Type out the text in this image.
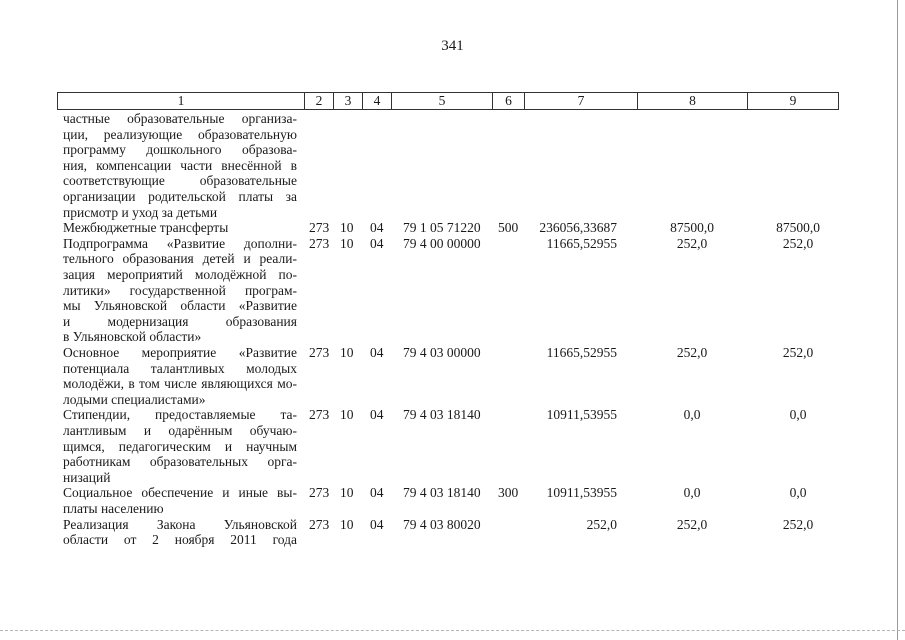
341
1	2	3	4	5	6	7	8	9
частные образовательные организа-
ции, реализующие образовательную
программу дошкольного образова-
ния, компенсации части внесённой в
соответствующие образовательные
организации родительской платы за
присмотр и уход за детьми
Межбюджетные трансферты	273 10 04 79 1 05 71220 500 236056,33687	87500,0	87500,0
Подпрограмма «Развитие дополни-
тельного образования детей и реали-
зация мероприятий молодёжной по-
литики» государственной програм-
мы Ульяновской области «Развитие
и модернизация образования
в Ульяновской области»
273 10 04 79 4 00 00000	11665,52955	252,0	252,0
Основное мероприятие «Развитие
потенциала талантливых молодых
молодёжи, в том числе являющихся мо-
лодыми специалистами»
273 10 04 79 4 03 00000	11665,52955	252,0	252,0
Стипендии, предоставляемые та-
лантливым и одарённым обучаю-
щимся, педагогическим и научным
работникам образовательных орга-
низаций
273 10 04 79 4 03 18140	10911,53955	0,0	0,0
Социальное обеспечение и иные вы-
платы населению
273 10 04 79 4 03 18140 300	10911,53955	0,0	0,0
Реализация Закона Ульяновской
области от 2 ноября 2011 года
273 10 04 79 4 03 80020	252,0	252,0	252,0
